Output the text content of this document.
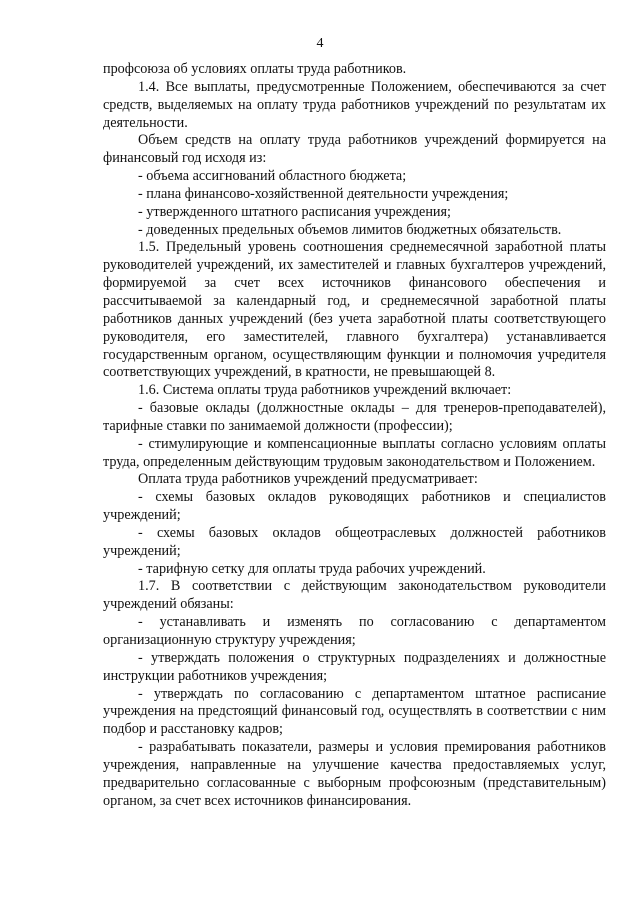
4

профсоюза об условиях оплаты труда работников.

1.4. Все выплаты, предусмотренные Положением, обеспечиваются за счет средств, выделяемых на оплату труда работников учреждений по результатам их деятельности.

Объем средств на оплату труда работников учреждений формируется на финансовый год исходя из:

- объема ассигнований областного бюджета;

- плана финансово-хозяйственной деятельности учреждения;

- утвержденного штатного расписания учреждения;

- доведенных предельных объемов лимитов бюджетных обязательств.

1.5. Предельный уровень соотношения среднемесячной заработной платы руководителей учреждений, их заместителей и главных бухгалтеров учреждений, формируемой за счет всех источников финансового обеспечения и рассчитываемой за календарный год, и среднемесячной заработной платы работников данных учреждений (без учета заработной платы соответствующего руководителя, его заместителей, главного бухгалтера) устанавливается государственным органом, осуществляющим функции и полномочия учредителя соответствующих учреждений, в кратности, не превышающей 8.

1.6. Система оплаты труда работников учреждений включает:

- базовые оклады (должностные оклады – для тренеров-преподавателей), тарифные ставки по занимаемой должности (профессии);

- стимулирующие и компенсационные выплаты согласно условиям оплаты труда, определенным действующим трудовым законодательством и Положением.

Оплата труда работников учреждений предусматривает:

- схемы базовых окладов руководящих работников и специалистов учреждений;

- схемы базовых окладов общеотраслевых должностей работников учреждений;

- тарифную сетку для оплаты труда рабочих учреждений.

1.7. В соответствии с действующим законодательством руководители учреждений обязаны:

- устанавливать и изменять по согласованию с департаментом организационную структуру учреждения;

- утверждать положения о структурных подразделениях и должностные инструкции работников учреждения;

- утверждать по согласованию с департаментом штатное расписание учреждения на предстоящий финансовый год, осуществлять в соответствии с ним подбор и расстановку кадров;

- разрабатывать показатели, размеры и условия премирования работников учреждения, направленные на улучшение качества предоставляемых услуг, предварительно согласованные с выборным профсоюзным (представительным) органом, за счет всех источников финансирования.
